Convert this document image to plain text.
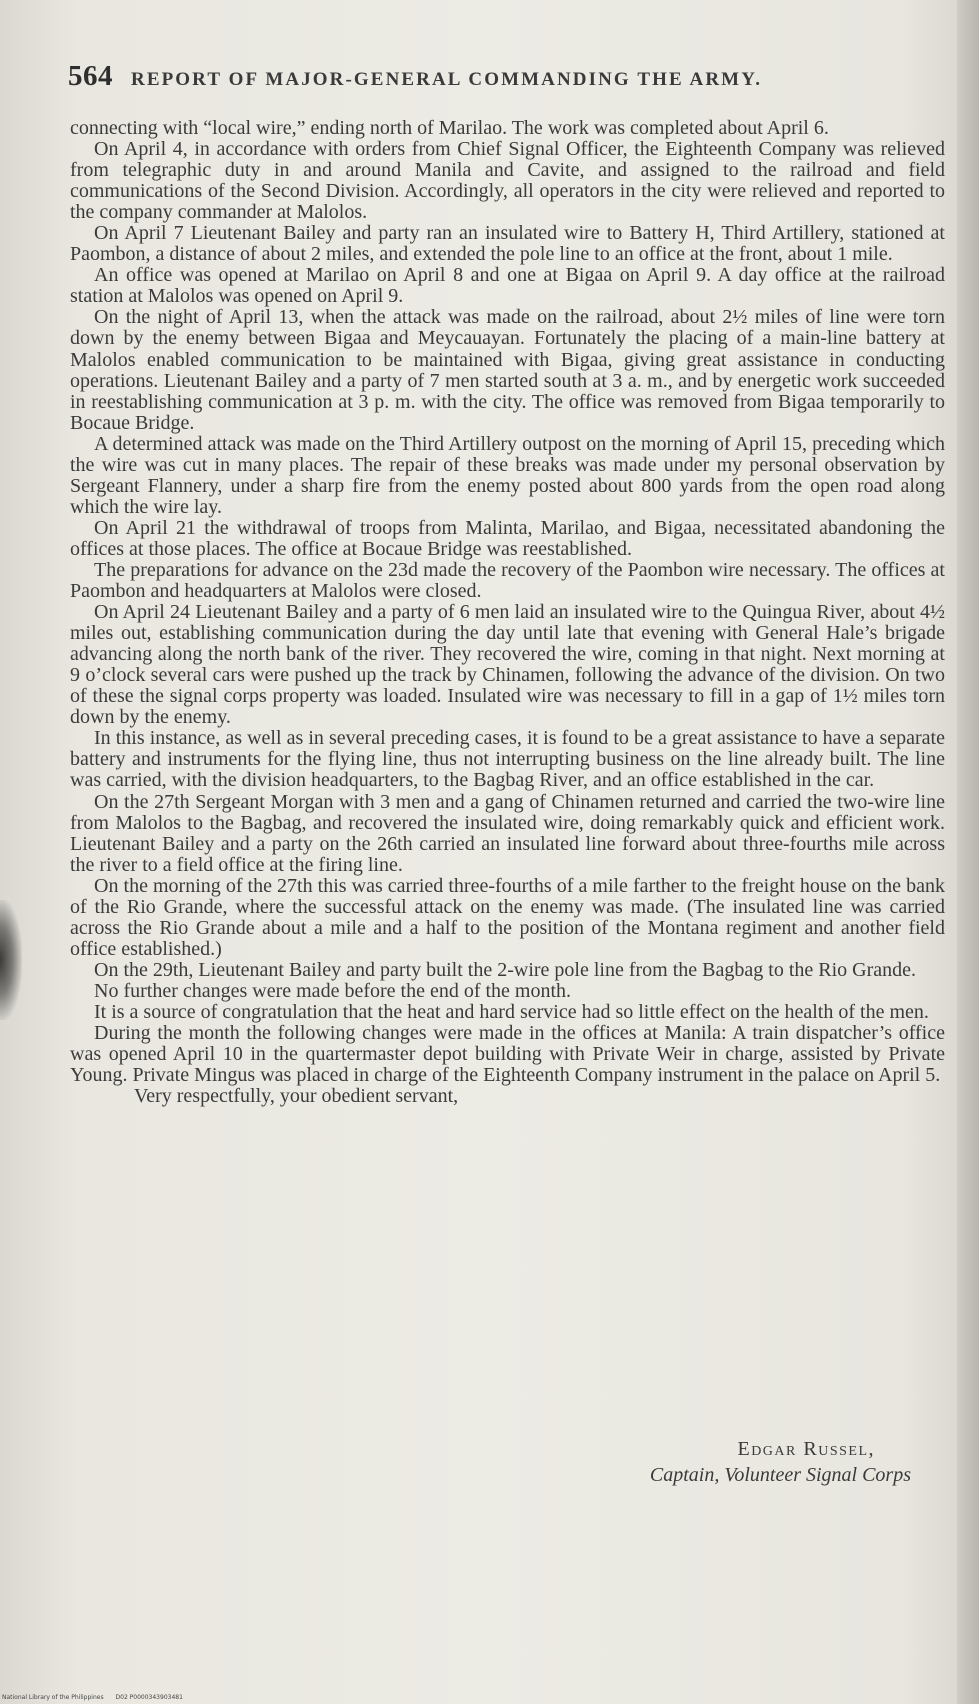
564 REPORT OF MAJOR-GENERAL COMMANDING THE ARMY.

connecting with “local wire,” ending north of Marilao. The work was completed about April 6.

On April 4, in accordance with orders from Chief Signal Officer, the Eighteenth Company was relieved from telegraphic duty in and around Manila and Cavite, and assigned to the railroad and field communications of the Second Division. Accordingly, all operators in the city were relieved and reported to the company commander at Malolos.

On April 7 Lieutenant Bailey and party ran an insulated wire to Battery H, Third Artillery, stationed at Paombon, a distance of about 2 miles, and extended the pole line to an office at the front, about 1 mile.

An office was opened at Marilao on April 8 and one at Bigaa on April 9. A day office at the railroad station at Malolos was opened on April 9.

On the night of April 13, when the attack was made on the railroad, about 2½ miles of line were torn down by the enemy between Bigaa and Meycauayan. Fortunately the placing of a main-line battery at Malolos enabled communication to be maintained with Bigaa, giving great assistance in conducting operations. Lieutenant Bailey and a party of 7 men started south at 3 a. m., and by energetic work succeeded in reestablishing communication at 3 p. m. with the city. The office was removed from Bigaa temporarily to Bocaue Bridge.

A determined attack was made on the Third Artillery outpost on the morning of April 15, preceding which the wire was cut in many places. The repair of these breaks was made under my personal observation by Sergeant Flannery, under a sharp fire from the enemy posted about 800 yards from the open road along which the wire lay.

On April 21 the withdrawal of troops from Malinta, Marilao, and Bigaa, necessitated abandoning the offices at those places. The office at Bocaue Bridge was reestablished.

The preparations for advance on the 23d made the recovery of the Paombon wire necessary. The offices at Paombon and headquarters at Malolos were closed.

On April 24 Lieutenant Bailey and a party of 6 men laid an insulated wire to the Quingua River, about 4½ miles out, establishing communication during the day until late that evening with General Hale’s brigade advancing along the north bank of the river. They recovered the wire, coming in that night. Next morning at 9 o’clock several cars were pushed up the track by Chinamen, following the advance of the division. On two of these the signal corps property was loaded. Insulated wire was necessary to fill in a gap of 1½ miles torn down by the enemy.

In this instance, as well as in several preceding cases, it is found to be a great assistance to have a separate battery and instruments for the flying line, thus not interrupting business on the line already built. The line was carried, with the division headquarters, to the Bagbag River, and an office established in the car.

On the 27th Sergeant Morgan with 3 men and a gang of Chinamen returned and carried the two-wire line from Malolos to the Bagbag, and recovered the insulated wire, doing remarkably quick and efficient work. Lieutenant Bailey and a party on the 26th carried an insulated line forward about three-fourths mile across the river to a field office at the firing line.

On the morning of the 27th this was carried three-fourths of a mile farther to the freight house on the bank of the Rio Grande, where the successful attack on the enemy was made. (The insulated line was carried across the Rio Grande about a mile and a half to the position of the Montana regiment and another field office established.)

On the 29th, Lieutenant Bailey and party built the 2-wire pole line from the Bagbag to the Rio Grande.

No further changes were made before the end of the month.

It is a source of congratulation that the heat and hard service had so little effect on the health of the men.

During the month the following changes were made in the offices at Manila: A train dispatcher’s office was opened April 10 in the quartermaster depot building with Private Weir in charge, assisted by Private Young. Private Mingus was placed in charge of the Eighteenth Company instrument in the palace on April 5.

Very respectfully, your obedient servant,

Edgar Russel,
Captain, Volunteer Signal Corps
National Library of the Philippines D02 P0000343903481
